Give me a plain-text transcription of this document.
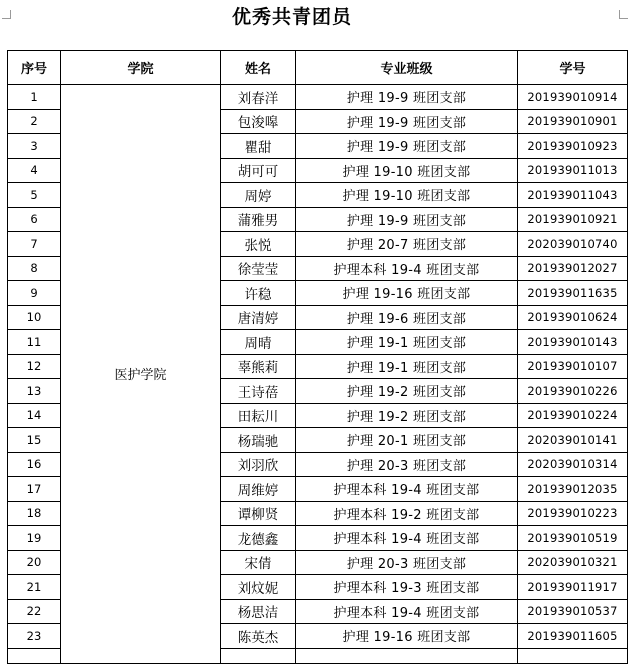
优秀共青团员
序号	学院	姓名	专业班级	学号
1	医护学院	刘春洋	护理 19-9 班团支部	201939010914
2		包浚嗥	护理 19-9 班团支部	201939010901
3		瞿甜	护理 19-9 班团支部	201939010923
4		胡可可	护理 19-10 班团支部	201939011013
5		周婷	护理 19-10 班团支部	201939011043
6		蒲雅男	护理 19-9 班团支部	201939010921
7		张悦	护理 20-7 班团支部	202039010740
8		徐莹莹	护理本科 19-4 班团支部	201939012027
9		许稳	护理 19-16 班团支部	201939011635
10		唐清婷	护理 19-6 班团支部	201939010624
11		周晴	护理 19-1 班团支部	201939010143
12		辜熊莉	护理 19-1 班团支部	201939010107
13		王诗蓓	护理 19-2 班团支部	201939010226
14		田耘川	护理 19-2 班团支部	201939010224
15		杨瑞驰	护理 20-1 班团支部	202039010141
16		刘羽欣	护理 20-3 班团支部	202039010314
17		周维婷	护理本科 19-4 班团支部	201939012035
18		谭柳贤	护理本科 19-2 班团支部	201939010223
19		龙德鑫	护理本科 19-4 班团支部	201939010519
20		宋倩	护理 20-3 班团支部	202039010321
21		刘炆妮	护理本科 19-3 班团支部	201939011917
22		杨思洁	护理本科 19-4 班团支部	201939010537
23		陈英杰	护理 19-16 班团支部	201939011605
